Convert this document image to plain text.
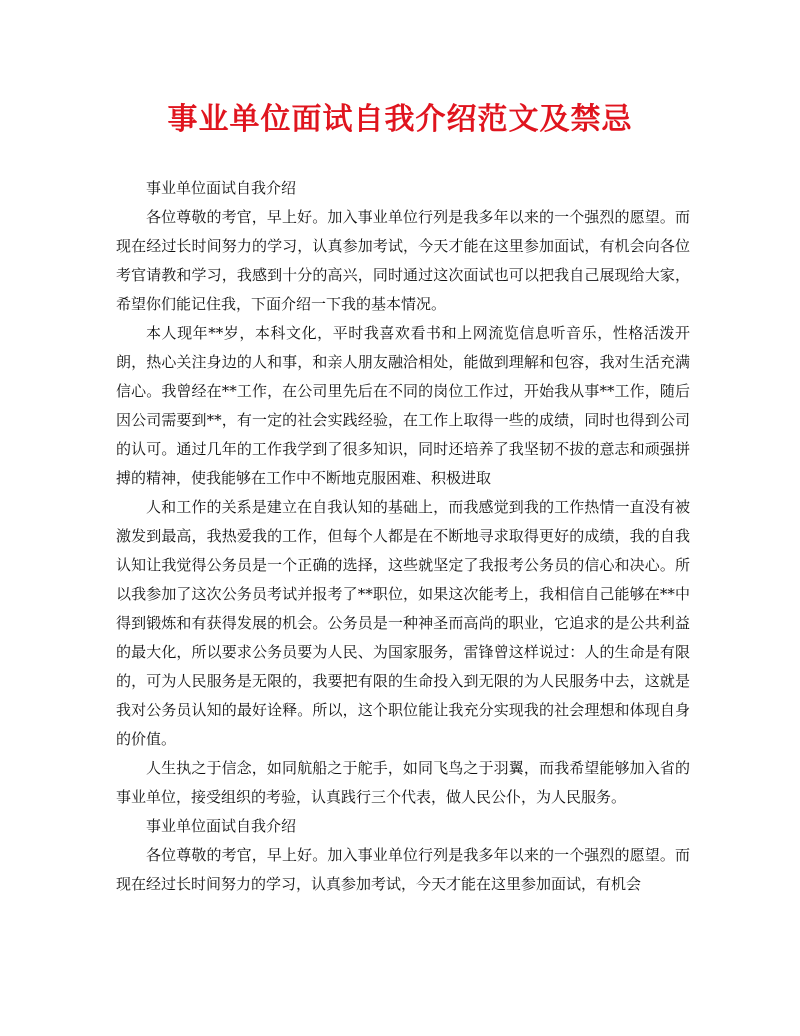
事业单位面试自我介绍范文及禁忌

事业单位面试自我介绍

各位尊敬的考官，早上好。加入事业单位行列是我多年以来的一个强烈的愿望。而现在经过长时间努力的学习，认真参加考试，今天才能在这里参加面试，有机会向各位考官请教和学习，我感到十分的高兴，同时通过这次面试也可以把我自己展现给大家，希望你们能记住我，下面介绍一下我的基本情况。

本人现年**岁，本科文化，平时我喜欢看书和上网流览信息听音乐，性格活泼开朗，热心关注身边的人和事，和亲人朋友融洽相处，能做到理解和包容，我对生活充满信心。我曾经在**工作，在公司里先后在不同的岗位工作过，开始我从事**工作，随后因公司需要到**，有一定的社会实践经验，在工作上取得一些的成绩，同时也得到公司的认可。通过几年的工作我学到了很多知识，同时还培养了我坚韧不拔的意志和顽强拼搏的精神，使我能够在工作中不断地克服困难、积极进取

人和工作的关系是建立在自我认知的基础上，而我感觉到我的工作热情一直没有被激发到最高，我热爱我的工作，但每个人都是在不断地寻求取得更好的成绩，我的自我认知让我觉得公务员是一个正确的选择，这些就坚定了我报考公务员的信心和决心。所以我参加了这次公务员考试并报考了**职位，如果这次能考上，我相信自己能够在**中得到锻炼和有获得发展的机会。公务员是一种神圣而高尚的职业，它追求的是公共利益的最大化，所以要求公务员要为人民、为国家服务，雷锋曾这样说过：人的生命是有限的，可为人民服务是无限的，我要把有限的生命投入到无限的为人民服务中去，这就是我对公务员认知的最好诠释。所以，这个职位能让我充分实现我的社会理想和体现自身的价值。

人生执之于信念，如同航船之于舵手，如同飞鸟之于羽翼，而我希望能够加入省的事业单位，接受组织的考验，认真践行三个代表，做人民公仆，为人民服务。

事业单位面试自我介绍

各位尊敬的考官，早上好。加入事业单位行列是我多年以来的一个强烈的愿望。而现在经过长时间努力的学习，认真参加考试，今天才能在这里参加面试，有机会
